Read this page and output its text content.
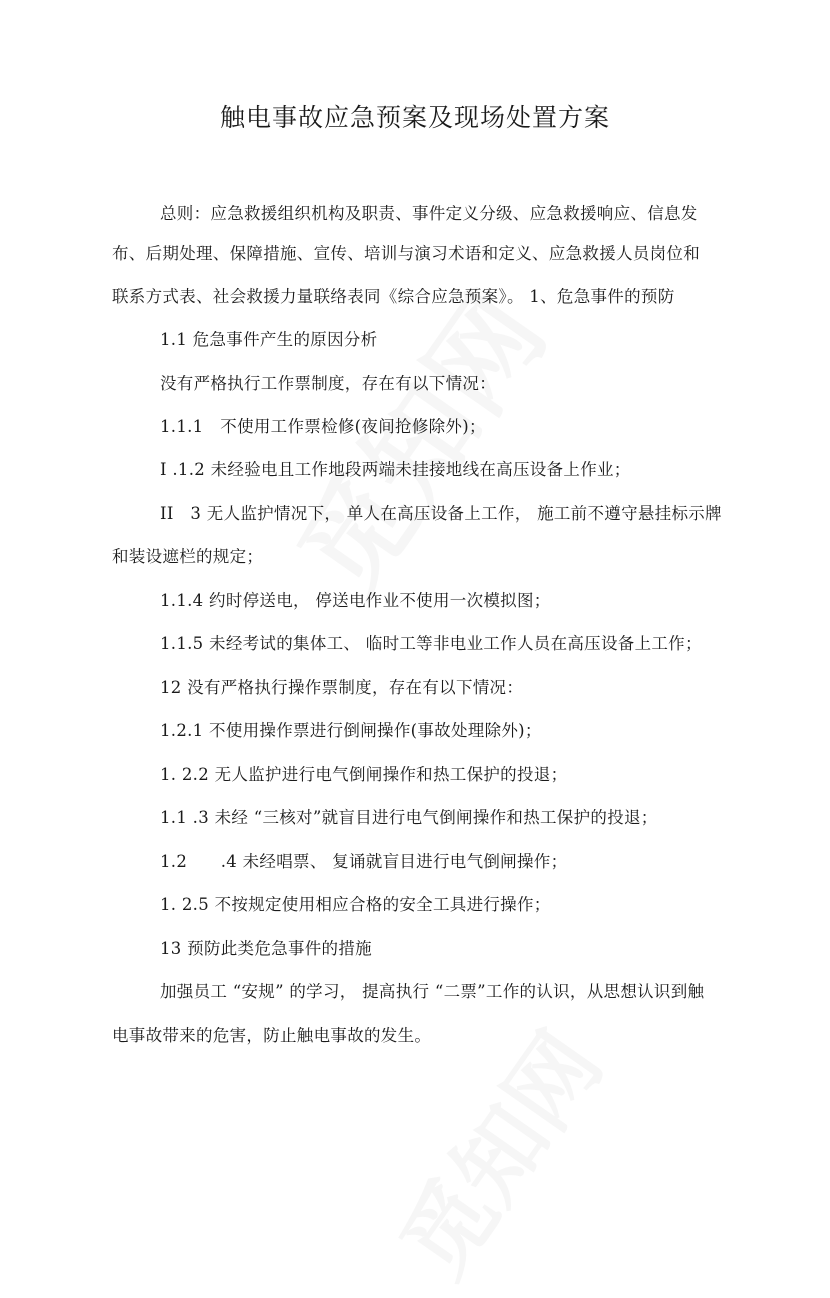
触电事故应急预案及现场处置方案

总则：应急救援组织机构及职责、事件定义分级、应急救援响应、信息发

布、后期处理、保障措施、宣传、培训与演习术语和定义、应急救援人员岗位和

联系方式表、社会救援力量联络表同《综合应急预案》。 1、危急事件的预防

1.1 危急事件产生的原因分析

没有严格执行工作票制度，存在有以下情况：

1.1.1　不使用工作票检修(夜间抢修除外)；

I .1.2 未经验电且工作地段两端未挂接地线在高压设备上作业；

II　3 无人监护情况下， 单人在高压设备上工作， 施工前不遵守悬挂标示牌

和装设遮栏的规定；

1.1.4 约时停送电， 停送电作业不使用一次模拟图；

1.1.5 未经考试的集体工、 临时工等非电业工作人员在高压设备上工作；

12 没有严格执行操作票制度，存在有以下情况：

1.2.1 不使用操作票进行倒闸操作(事故处理除外)；

1. 2.2 无人监护进行电气倒闸操作和热工保护的投退；

1.1 .3 未经 “三核对”就盲目进行电气倒闸操作和热工保护的投退；

1.2　　.4 未经唱票、 复诵就盲目进行电气倒闸操作；

1. 2.5 不按规定使用相应合格的安全工具进行操作；

13 预防此类危急事件的措施

加强员工 “安规” 的学习， 提高执行 “二票”工作的认识，从思想认识到触

电事故带来的危害，防止触电事故的发生。
